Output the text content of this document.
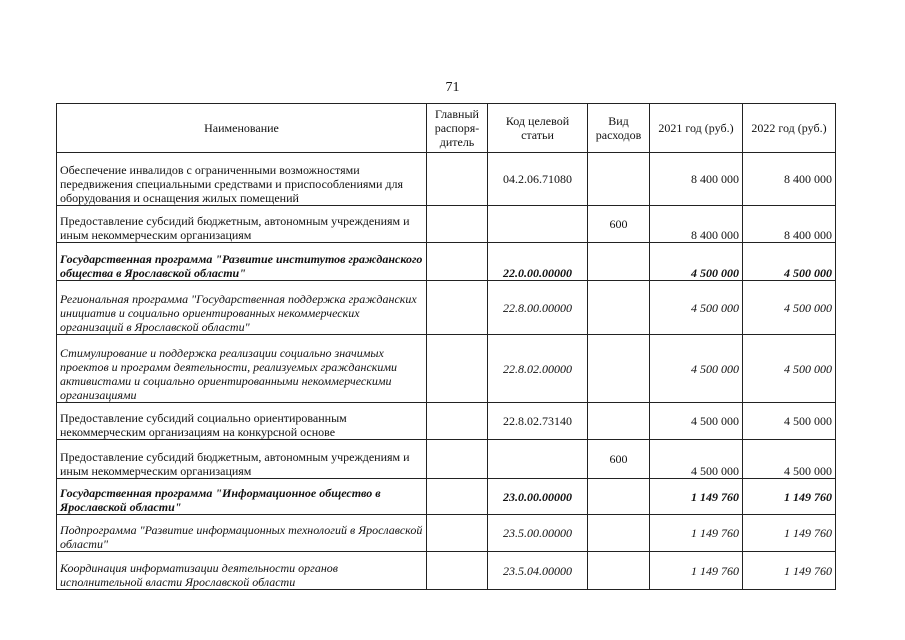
71
Наименование	Главный распоря-дитель	Код целевой статьи	Вид расходов	2021 год (руб.)	2022 год (руб.)
Обеспечение инвалидов с ограниченными возможностями передвижения специальными средствами и приспособлениями для оборудования и оснащения жилых помещений		04.2.06.71080		8 400 000	8 400 000
Предоставление субсидий бюджетным, автономным учреждениям и иным некоммерческим организациям			600	8 400 000	8 400 000
Государственная программа "Развитие институтов гражданского общества в Ярославской области"		22.0.00.00000		4 500 000	4 500 000
Региональная программа "Государственная поддержка гражданских инициатив и социально ориентированных некоммерческих организаций в Ярославской области"		22.8.00.00000		4 500 000	4 500 000
Стимулирование и поддержка реализации социально значимых проектов и программ деятельности, реализуемых гражданскими активистами и социально ориентированными некоммерческими организациями		22.8.02.00000		4 500 000	4 500 000
Предоставление субсидий социально ориентированным некоммерческим организациям на конкурсной основе		22.8.02.73140		4 500 000	4 500 000
Предоставление субсидий бюджетным, автономным учреждениям и иным некоммерческим организациям			600	4 500 000	4 500 000
Государственная программа "Информационное общество в Ярославской области"		23.0.00.00000		1 149 760	1 149 760
Подпрограмма "Развитие информационных технологий в Ярославской области"		23.5.00.00000		1 149 760	1 149 760
Координация информатизации деятельности органов исполнительной власти Ярославской области		23.5.04.00000		1 149 760	1 149 760
